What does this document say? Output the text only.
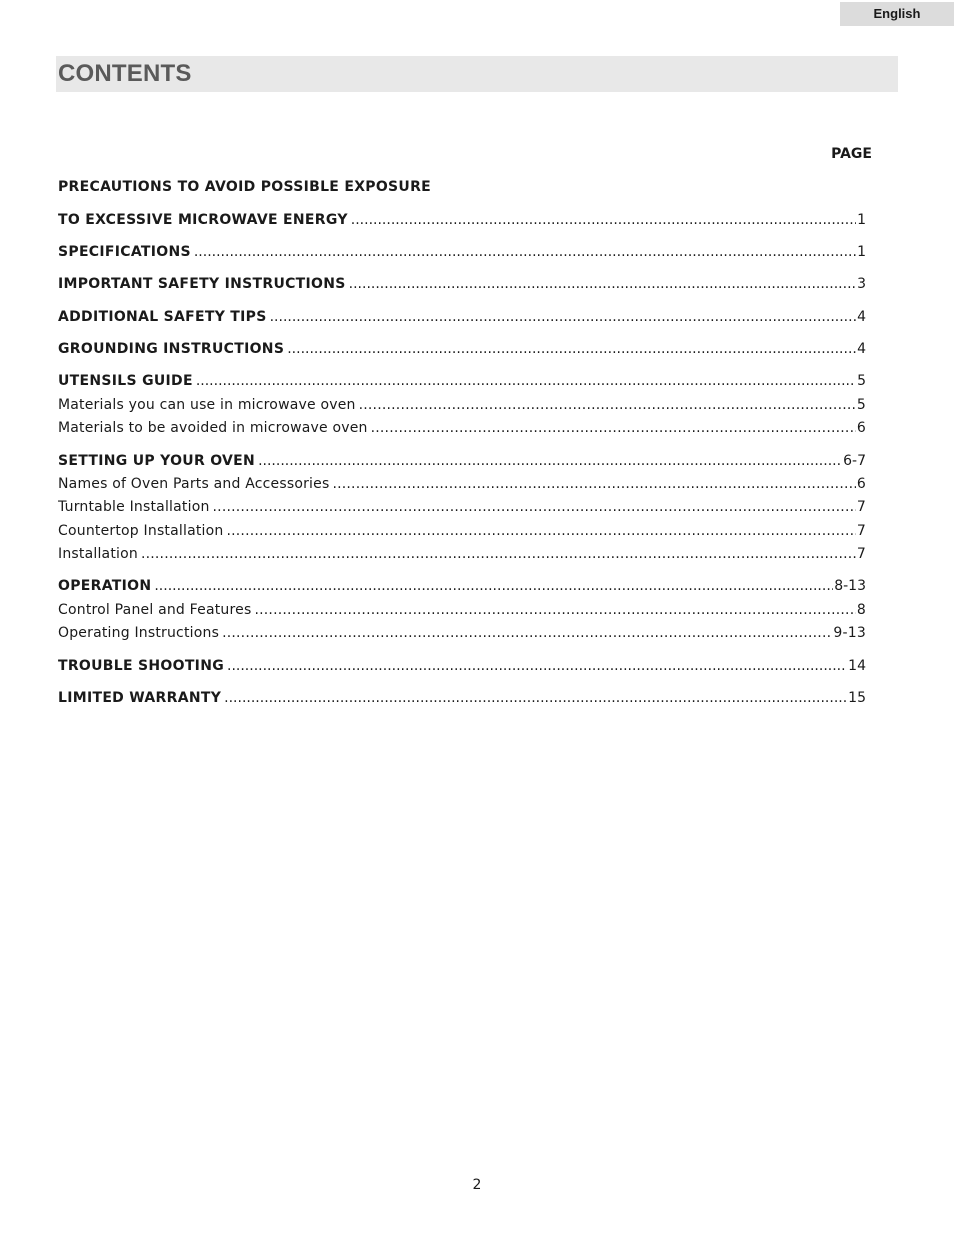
English
CONTENTS
PAGE
PRECAUTIONS TO AVOID POSSIBLE EXPOSURE
TO EXCESSIVE MICROWAVE ENERGY .....	1
SPECIFICATIONS .....	1
IMPORTANT SAFETY INSTRUCTIONS .....	3
ADDITIONAL SAFETY TIPS .....	4
GROUNDING INSTRUCTIONS .....	4
UTENSILS GUIDE .....	5
Materials you can use in microwave oven .....	5
Materials to be avoided in microwave oven .....	6
SETTING UP YOUR OVEN .....	6-7
Names of Oven Parts and Accessories .....	6
Turntable Installation .....	7
Countertop Installation .....	7
Installation .....	7
OPERATION .....	8-13
Control Panel and Features .....	8
Operating Instructions .....	9-13
TROUBLE SHOOTING .....	14
LIMITED WARRANTY .....	15
2
